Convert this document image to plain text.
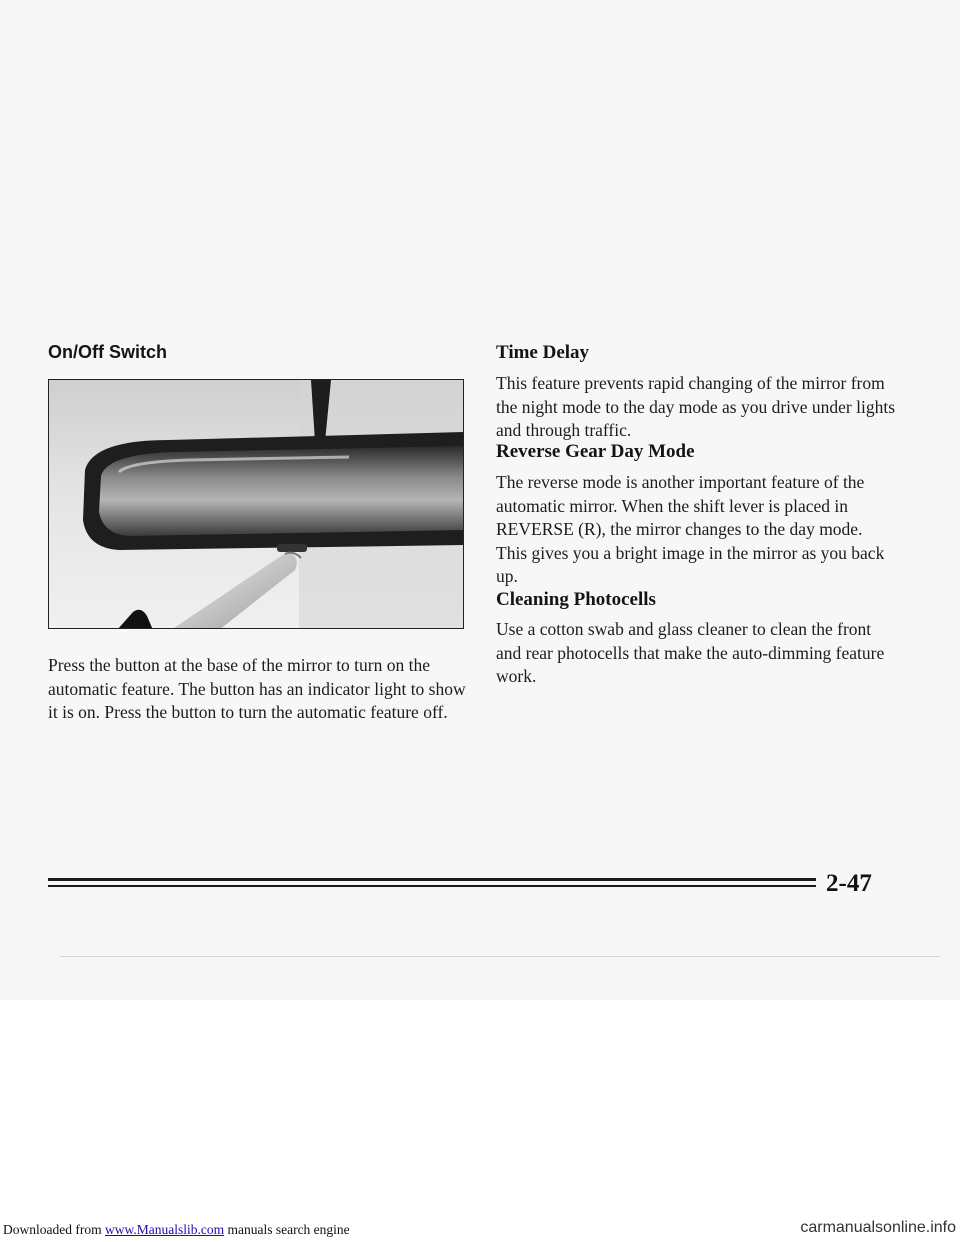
On/Off Switch

Press the button at the base of the mirror to turn on the automatic feature. The button has an indicator light to show it is on. Press the button to turn the automatic feature off.

Time Delay

This feature prevents rapid changing of the mirror from the night mode to the day mode as you drive under lights and through traffic.

Reverse Gear Day Mode

The reverse mode is another important feature of the automatic mirror. When the shift lever is placed in REVERSE (R), the mirror changes to the day mode. This gives you a bright image in the mirror as you back up.

Cleaning Photocells

Use a cotton swab and glass cleaner to clean the front and rear photocells that make the auto-dimming feature work.

2-47

Downloaded from www.Manualslib.com manuals search engine	carmanualsonline.info
